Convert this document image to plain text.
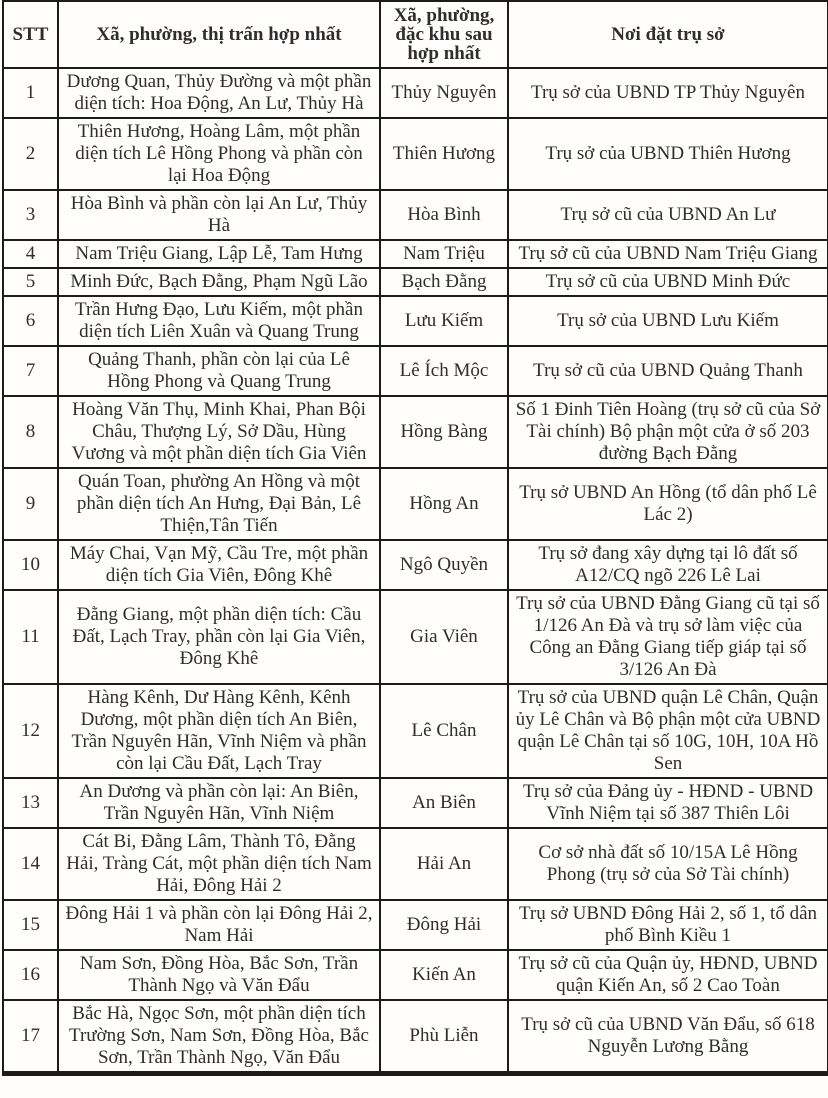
STT	Xã, phường, thị trấn hợp nhất	Xã, phường, đặc khu sau hợp nhất	Nơi đặt trụ sở
1	Dương Quan, Thủy Đường và một phần diện tích: Hoa Động, An Lư, Thủy Hà	Thủy Nguyên	Trụ sở của UBND TP Thủy Nguyên
2	Thiên Hương, Hoàng Lâm, một phần diện tích Lê Hồng Phong và phần còn lại Hoa Động	Thiên Hương	Trụ sở của UBND Thiên Hương
3	Hòa Bình và phần còn lại An Lư, Thủy Hà	Hòa Bình	Trụ sở cũ của UBND An Lư
4	Nam Triệu Giang, Lập Lễ, Tam Hưng	Nam Triệu	Trụ sở cũ của UBND Nam Triệu Giang
5	Minh Đức, Bạch Đằng, Phạm Ngũ Lão	Bạch Đằng	Trụ sở cũ của UBND Minh Đức
6	Trần Hưng Đạo, Lưu Kiếm, một phần diện tích Liên Xuân và Quang Trung	Lưu Kiếm	Trụ sở của UBND Lưu Kiếm
7	Quảng Thanh, phần còn lại của Lê Hồng Phong và Quang Trung	Lê Ích Mộc	Trụ sở cũ của UBND Quảng Thanh
8	Hoàng Văn Thụ, Minh Khai, Phan Bội Châu, Thượng Lý, Sở Dầu, Hùng Vương và một phần diện tích Gia Viên	Hồng Bàng	Số 1 Đinh Tiên Hoàng (trụ sở cũ của Sở Tài chính) Bộ phận một cửa ở số 203 đường Bạch Đằng
9	Quán Toan, phường An Hồng và một phần diện tích An Hưng, Đại Bản, Lê Thiện,Tân Tiến	Hồng An	Trụ sở UBND An Hồng (tổ dân phố Lê Lác 2)
10	Máy Chai, Vạn Mỹ, Cầu Tre, một phần diện tích Gia Viên, Đông Khê	Ngô Quyền	Trụ sở đang xây dựng tại lô đất số A12/CQ ngõ 226 Lê Lai
11	Đằng Giang, một phần diện tích: Cầu Đất, Lạch Tray, phần còn lại Gia Viên, Đông Khê	Gia Viên	Trụ sở của UBND Đằng Giang cũ tại số 1/126 An Đà và trụ sở làm việc của Công an Đằng Giang tiếp giáp tại số 3/126 An Đà
12	Hàng Kênh, Dư Hàng Kênh, Kênh Dương, một phần diện tích An Biên, Trần Nguyên Hãn, Vĩnh Niệm và phần còn lại Cầu Đất, Lạch Tray	Lê Chân	Trụ sở của UBND quận Lê Chân, Quận ủy Lê Chân và Bộ phận một cửa UBND quận Lê Chân tại số 10G, 10H, 10A Hồ Sen
13	An Dương và phần còn lại: An Biên, Trần Nguyên Hãn, Vĩnh Niệm	An Biên	Trụ sở của Đảng ủy - HĐND - UBND Vĩnh Niệm tại số 387 Thiên Lôi
14	Cát Bi, Đằng Lâm, Thành Tô, Đằng Hải, Tràng Cát, một phần diện tích Nam Hải, Đông Hải 2	Hải An	Cơ sở nhà đất số 10/15A Lê Hồng Phong (trụ sở của Sở Tài chính)
15	Đông Hải 1 và phần còn lại Đông Hải 2, Nam Hải	Đông Hải	Trụ sở UBND Đông Hải 2, số 1, tổ dân phố Bình Kiều 1
16	Nam Sơn, Đồng Hòa, Bắc Sơn, Trần Thành Ngọ và Văn Đẩu	Kiến An	Trụ sở cũ của Quận ủy, HĐND, UBND quận Kiến An, số 2 Cao Toàn
17	Bắc Hà, Ngọc Sơn, một phần diện tích Trường Sơn, Nam Sơn, Đồng Hòa, Bắc Sơn, Trần Thành Ngọ, Văn Đẩu	Phù Liễn	Trụ sở cũ của UBND Văn Đẩu, số 618 Nguyễn Lương Bằng
